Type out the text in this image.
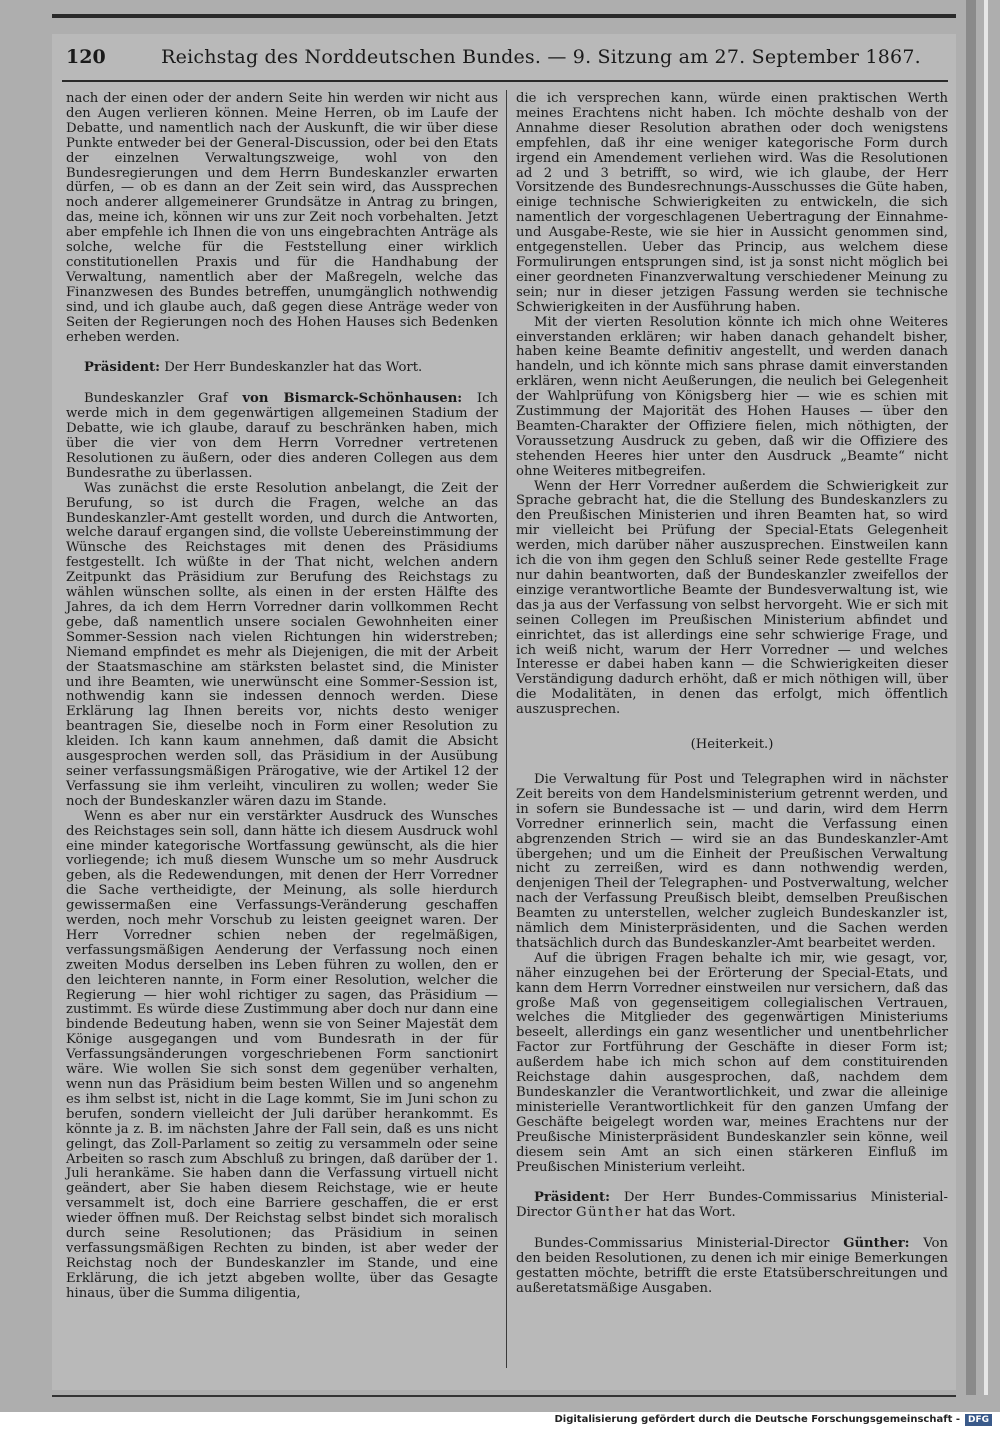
120	Reichstag des Norddeutschen Bundes. — 9. Sitzung am 27. September 1867.

nach der einen oder der andern Seite hin werden wir nicht aus den Augen verlieren können. Meine Herren, ob im Laufe der Debatte, und namentlich nach der Auskunft, die wir über diese Punkte entweder bei der General-Discussion, oder bei den Etats der einzelnen Verwaltungszweige, wohl von den Bundesregierungen und dem Herrn Bundeskanzler erwarten dürfen, — ob es dann an der Zeit sein wird, das Aussprechen noch anderer allgemeinerer Grundsätze in Antrag zu bringen, das, meine ich, können wir uns zur Zeit noch vorbehalten. Jetzt aber empfehle ich Ihnen die von uns eingebrachten Anträge als solche, welche für die Feststellung einer wirklich constitutionellen Praxis und für die Handhabung der Verwaltung, namentlich aber der Maßregeln, welche das Finanzwesen des Bundes betreffen, unumgänglich nothwendig sind, und ich glaube auch, daß gegen diese Anträge weder von Seiten der Regierungen noch des Hohen Hauses sich Bedenken erheben werden.

Präsident: Der Herr Bundeskanzler hat das Wort.

Bundeskanzler Graf von Bismarck-Schönhausen: Ich werde mich in dem gegenwärtigen allgemeinen Stadium der Debatte, wie ich glaube, darauf zu beschränken haben, mich über die vier von dem Herrn Vorredner vertretenen Resolutionen zu äußern, oder dies anderen Collegen aus dem Bundesrathe zu überlassen.

Was zunächst die erste Resolution anbelangt, die Zeit der Berufung, so ist durch die Fragen, welche an das Bundeskanzler-Amt gestellt worden, und durch die Antworten, welche darauf ergangen sind, die vollste Uebereinstimmung der Wünsche des Reichstages mit denen des Präsidiums festgestellt. Ich wüßte in der That nicht, welchen andern Zeitpunkt das Präsidium zur Berufung des Reichstags zu wählen wünschen sollte, als einen in der ersten Hälfte des Jahres, da ich dem Herrn Vorredner darin vollkommen Recht gebe, daß namentlich unsere socialen Gewohnheiten einer Sommer-Session nach vielen Richtungen hin widerstreben; Niemand empfindet es mehr als Diejenigen, die mit der Arbeit der Staatsmaschine am stärksten belastet sind, die Minister und ihre Beamten, wie unerwünscht eine Sommer-Session ist, nothwendig kann sie indessen dennoch werden. Diese Erklärung lag Ihnen bereits vor, nichts desto weniger beantragen Sie, dieselbe noch in Form einer Resolution zu kleiden. Ich kann kaum annehmen, daß damit die Absicht ausgesprochen werden soll, das Präsidium in der Ausübung seiner verfassungsmäßigen Prärogative, wie der Artikel 12 der Verfassung sie ihm verleiht, vinculiren zu wollen; weder Sie noch der Bundeskanzler wären dazu im Stande.

Wenn es aber nur ein verstärkter Ausdruck des Wunsches des Reichstages sein soll, dann hätte ich diesem Ausdruck wohl eine minder kategorische Wortfassung gewünscht, als die hier vorliegende; ich muß diesem Wunsche um so mehr Ausdruck geben, als die Redewendungen, mit denen der Herr Vorredner die Sache vertheidigte, der Meinung, als solle hierdurch gewissermaßen eine Verfassungs-Veränderung geschaffen werden, noch mehr Vorschub zu leisten geeignet waren. Der Herr Vorredner schien neben der regelmäßigen, verfassungsmäßigen Aenderung der Verfassung noch einen zweiten Modus derselben ins Leben führen zu wollen, den er den leichteren nannte, in Form einer Resolution, welcher die Regierung — hier wohl richtiger zu sagen, das Präsidium — zustimmt. Es würde diese Zustimmung aber doch nur dann eine bindende Bedeutung haben, wenn sie von Seiner Majestät dem Könige ausgegangen und vom Bundesrath in der für Verfassungsänderungen vorgeschriebenen Form sanctionirt wäre. Wie wollen Sie sich sonst dem gegenüber verhalten, wenn nun das Präsidium beim besten Willen und so angenehm es ihm selbst ist, nicht in die Lage kommt, Sie im Juni schon zu berufen, sondern vielleicht der Juli darüber herankommt. Es könnte ja z. B. im nächsten Jahre der Fall sein, daß es uns nicht gelingt, das Zoll-Parlament so zeitig zu versammeln oder seine Arbeiten so rasch zum Abschluß zu bringen, daß darüber der 1. Juli herankäme. Sie haben dann die Verfassung virtuell nicht geändert, aber Sie haben diesem Reichstage, wie er heute versammelt ist, doch eine Barriere geschaffen, die er erst wieder öffnen muß. Der Reichstag selbst bindet sich moralisch durch seine Resolutionen; das Präsidium in seinen verfassungsmäßigen Rechten zu binden, ist aber weder der Reichstag noch der Bundeskanzler im Stande, und eine Erklärung, die ich jetzt abgeben wollte, über das Gesagte hinaus, über die Summa diligentia,

die ich versprechen kann, würde einen praktischen Werth meines Erachtens nicht haben. Ich möchte deshalb von der Annahme dieser Resolution abrathen oder doch wenigstens empfehlen, daß ihr eine weniger kategorische Form durch irgend ein Amendement verliehen wird. Was die Resolutionen ad 2 und 3 betrifft, so wird, wie ich glaube, der Herr Vorsitzende des Bundesrechnungs-Ausschusses die Güte haben, einige technische Schwierigkeiten zu entwickeln, die sich namentlich der vorgeschlagenen Uebertragung der Einnahme- und Ausgabe-Reste, wie sie hier in Aussicht genommen sind, entgegenstellen. Ueber das Princip, aus welchem diese Formulirungen entsprungen sind, ist ja sonst nicht möglich bei einer geordneten Finanzverwaltung verschiedener Meinung zu sein; nur in dieser jetzigen Fassung werden sie technische Schwierigkeiten in der Ausführung haben.

Mit der vierten Resolution könnte ich mich ohne Weiteres einverstanden erklären; wir haben danach gehandelt bisher, haben keine Beamte definitiv angestellt, und werden danach handeln, und ich könnte mich sans phrase damit einverstanden erklären, wenn nicht Aeußerungen, die neulich bei Gelegenheit der Wahlprüfung von Königsberg hier — wie es schien mit Zustimmung der Majorität des Hohen Hauses — über den Beamten-Charakter der Offiziere fielen, mich nöthigten, der Voraussetzung Ausdruck zu geben, daß wir die Offiziere des stehenden Heeres hier unter den Ausdruck „Beamte“ nicht ohne Weiteres mitbegreifen.

Wenn der Herr Vorredner außerdem die Schwierigkeit zur Sprache gebracht hat, die die Stellung des Bundeskanzlers zu den Preußischen Ministerien und ihren Beamten hat, so wird mir vielleicht bei Prüfung der Special-Etats Gelegenheit werden, mich darüber näher auszusprechen. Einstweilen kann ich die von ihm gegen den Schluß seiner Rede gestellte Frage nur dahin beantworten, daß der Bundeskanzler zweifellos der einzige verantwortliche Beamte der Bundesverwaltung ist, wie das ja aus der Verfassung von selbst hervorgeht. Wie er sich mit seinen Collegen im Preußischen Ministerium abfindet und einrichtet, das ist allerdings eine sehr schwierige Frage, und ich weiß nicht, warum der Herr Vorredner — und welches Interesse er dabei haben kann — die Schwierigkeiten dieser Verständigung dadurch erhöht, daß er mich nöthigen will, über die Modalitäten, in denen das erfolgt, mich öffentlich auszusprechen.

(Heiterkeit.)

Die Verwaltung für Post und Telegraphen wird in nächster Zeit bereits von dem Handelsministerium getrennt werden, und in sofern sie Bundessache ist — und darin, wird dem Herrn Vorredner erinnerlich sein, macht die Verfassung einen abgrenzenden Strich — wird sie an das Bundeskanzler-Amt übergehen; und um die Einheit der Preußischen Verwaltung nicht zu zerreißen, wird es dann nothwendig werden, denjenigen Theil der Telegraphen- und Postverwaltung, welcher nach der Verfassung Preußisch bleibt, demselben Preußischen Beamten zu unterstellen, welcher zugleich Bundeskanzler ist, nämlich dem Ministerpräsidenten, und die Sachen werden thatsächlich durch das Bundeskanzler-Amt bearbeitet werden.

Auf die übrigen Fragen behalte ich mir, wie gesagt, vor, näher einzugehen bei der Erörterung der Special-Etats, und kann dem Herrn Vorredner einstweilen nur versichern, daß das große Maß von gegenseitigem collegialischen Vertrauen, welches die Mitglieder des gegenwärtigen Ministeriums beseelt, allerdings ein ganz wesentlicher und unentbehrlicher Factor zur Fortführung der Geschäfte in dieser Form ist; außerdem habe ich mich schon auf dem constituirenden Reichstage dahin ausgesprochen, daß, nachdem dem Bundeskanzler die Verantwortlichkeit, und zwar die alleinige ministerielle Verantwortlichkeit für den ganzen Umfang der Geschäfte beigelegt worden war, meines Erachtens nur der Preußische Ministerpräsident Bundeskanzler sein könne, weil diesem sein Amt an sich einen stärkeren Einfluß im Preußischen Ministerium verleiht.

Präsident: Der Herr Bundes-Commissarius Ministerial-Director Günther hat das Wort.

Bundes-Commissarius Ministerial-Director Günther: Von den beiden Resolutionen, zu denen ich mir einige Bemerkungen gestatten möchte, betrifft die erste Etatsüberschreitungen und außeretatsmäßige Ausgaben.

Digitalisierung gefördert durch die Deutsche Forschungsgemeinschaft - DFG
